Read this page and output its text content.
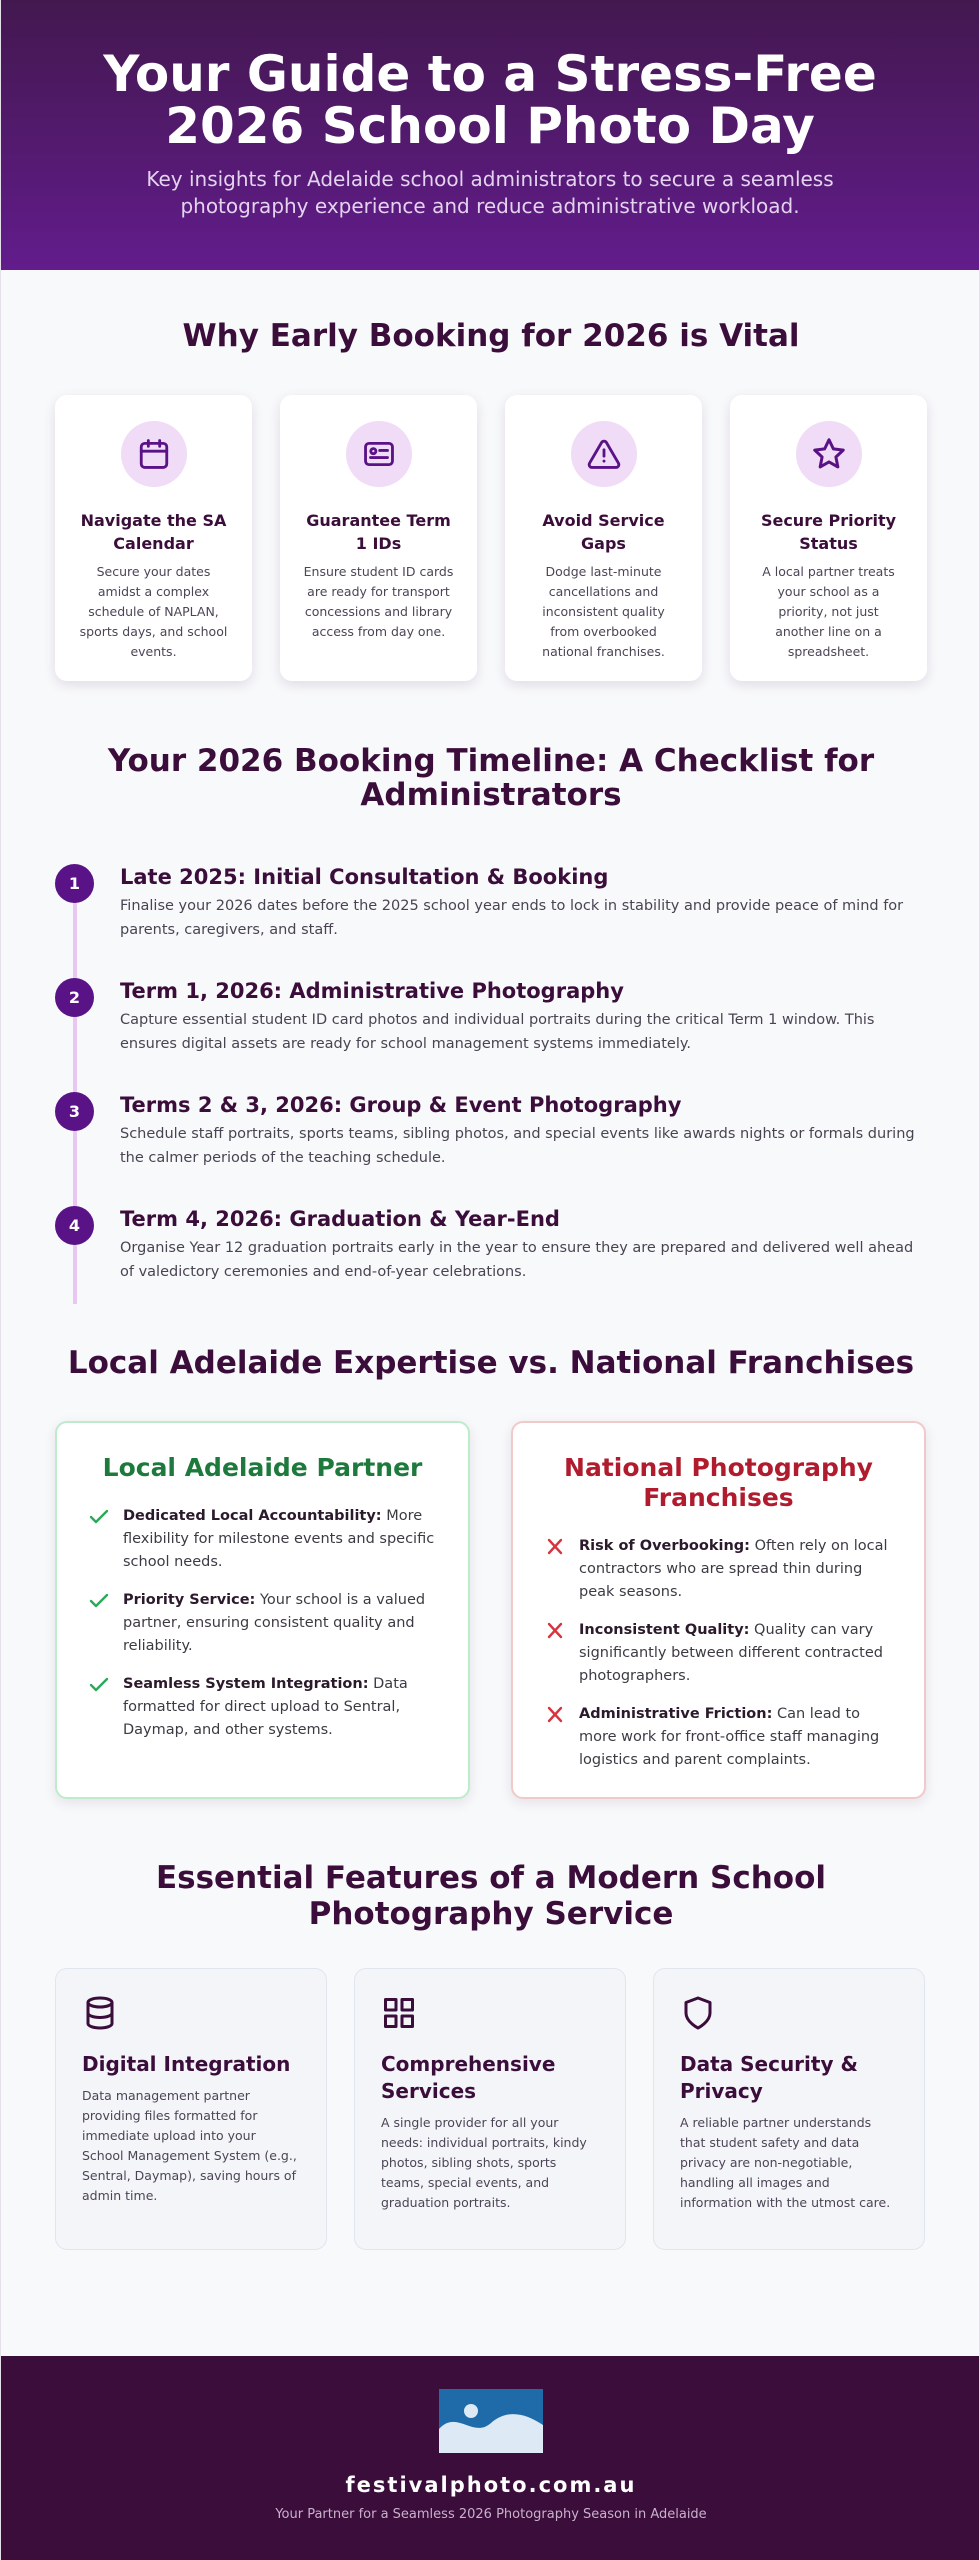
Your Guide to a Stress-Free 2026 School Photo Day

Key insights for Adelaide school administrators to secure a seamless photography experience and reduce administrative workload.

Why Early Booking for 2026 is Vital
Navigate the SA Calendar

Secure your dates amidst a complex schedule of NAPLAN, sports days, and school events.

Guarantee Term 1 IDs

Ensure student ID cards are ready for transport concessions and library access from day one.

Avoid Service Gaps

Dodge last-minute cancellations and inconsistent quality from overbooked national franchises.

Secure Priority Status

A local partner treats your school as a priority, not just another line on a spreadsheet.

Your 2026 Booking Timeline: A Checklist for Administrators
1	Late 2025: Initial Consultation & Booking

Finalise your 2026 dates before the 2025 school year ends to lock in stability and provide peace of mind for parents, caregivers, and staff.

2	Term 1, 2026: Administrative Photography

Capture essential student ID card photos and individual portraits during the critical Term 1 window. This ensures digital assets are ready for school management systems immediately.

3	Terms 2 & 3, 2026: Group & Event Photography

Schedule staff portraits, sports teams, sibling photos, and special events like awards nights or formals during the calmer periods of the teaching schedule.

4	Term 4, 2026: Graduation & Year-End

Organise Year 12 graduation portraits early in the year to ensure they are prepared and delivered well ahead of valedictory ceremonies and end-of-year celebrations.

Local Adelaide Expertise vs. National Franchises
Local Adelaide Partner
Dedicated Local Accountability: More flexibility for milestone events and specific school needs.
Priority Service: Your school is a valued partner, ensuring consistent quality and reliability.
Seamless System Integration: Data formatted for direct upload to Sentral, Daymap, and other systems.
National Photography Franchises
Risk of Overbooking: Often rely on local contractors who are spread thin during peak seasons.
Inconsistent Quality: Quality can vary significantly between different contracted photographers.
Administrative Friction: Can lead to more work for front-office staff managing logistics and parent complaints.
Essential Features of a Modern School Photography Service
Digital Integration

Data management partner providing files formatted for immediate upload into your School Management System (e.g., Sentral, Daymap), saving hours of admin time.

Comprehensive Services

A single provider for all your needs: individual portraits, kindy photos, sibling shots, sports teams, special events, and graduation portraits.

Data Security & Privacy

A reliable partner understands that student safety and data privacy are non-negotiable, handling all images and information with the utmost care.

festivalphoto.com.au
Your Partner for a Seamless 2026 Photography Season in Adelaide
